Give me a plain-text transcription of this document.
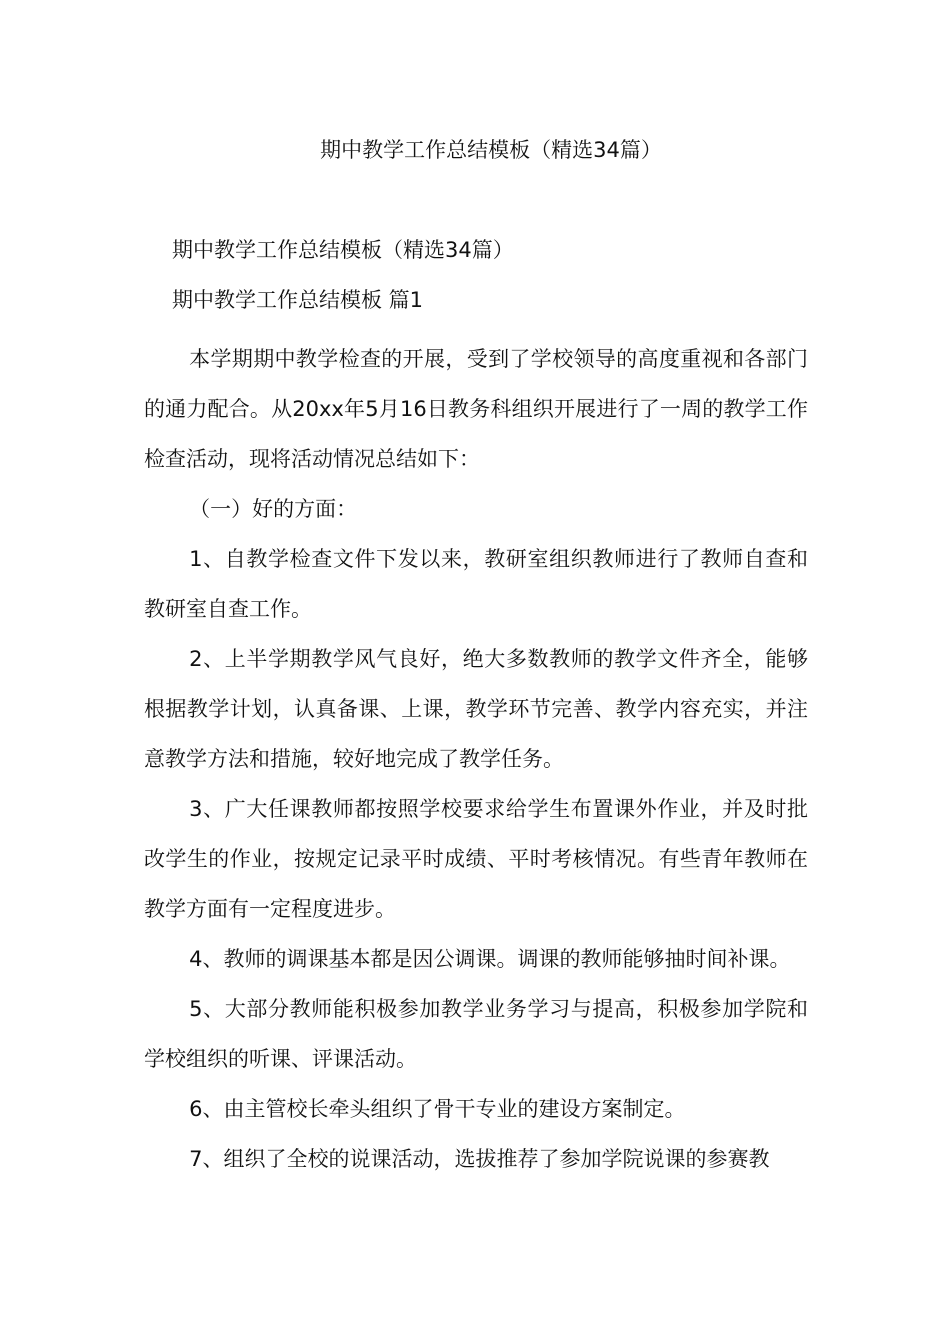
期中教学工作总结模板（精选34篇）
期中教学工作总结模板（精选34篇）
期中教学工作总结模板 篇1

本学期期中教学检查的开展，受到了学校领导的高度重视和各部门的通力配合。从20xx年5月16日教务科组织开展进行了一周的教学工作检查活动，现将活动情况总结如下：

（一）好的方面：

1、自教学检查文件下发以来，教研室组织教师进行了教师自查和教研室自查工作。

2、上半学期教学风气良好，绝大多数教师的教学文件齐全，能够根据教学计划，认真备课、上课，教学环节完善、教学内容充实，并注意教学方法和措施，较好地完成了教学任务。

3、广大任课教师都按照学校要求给学生布置课外作业，并及时批改学生的作业，按规定记录平时成绩、平时考核情况。有些青年教师在教学方面有一定程度进步。

4、教师的调课基本都是因公调课。调课的教师能够抽时间补课。

5、大部分教师能积极参加教学业务学习与提高，积极参加学院和学校组织的听课、评课活动。

6、由主管校长牵头组织了骨干专业的建设方案制定。

7、组织了全校的说课活动，选拔推荐了参加学院说课的参赛教
